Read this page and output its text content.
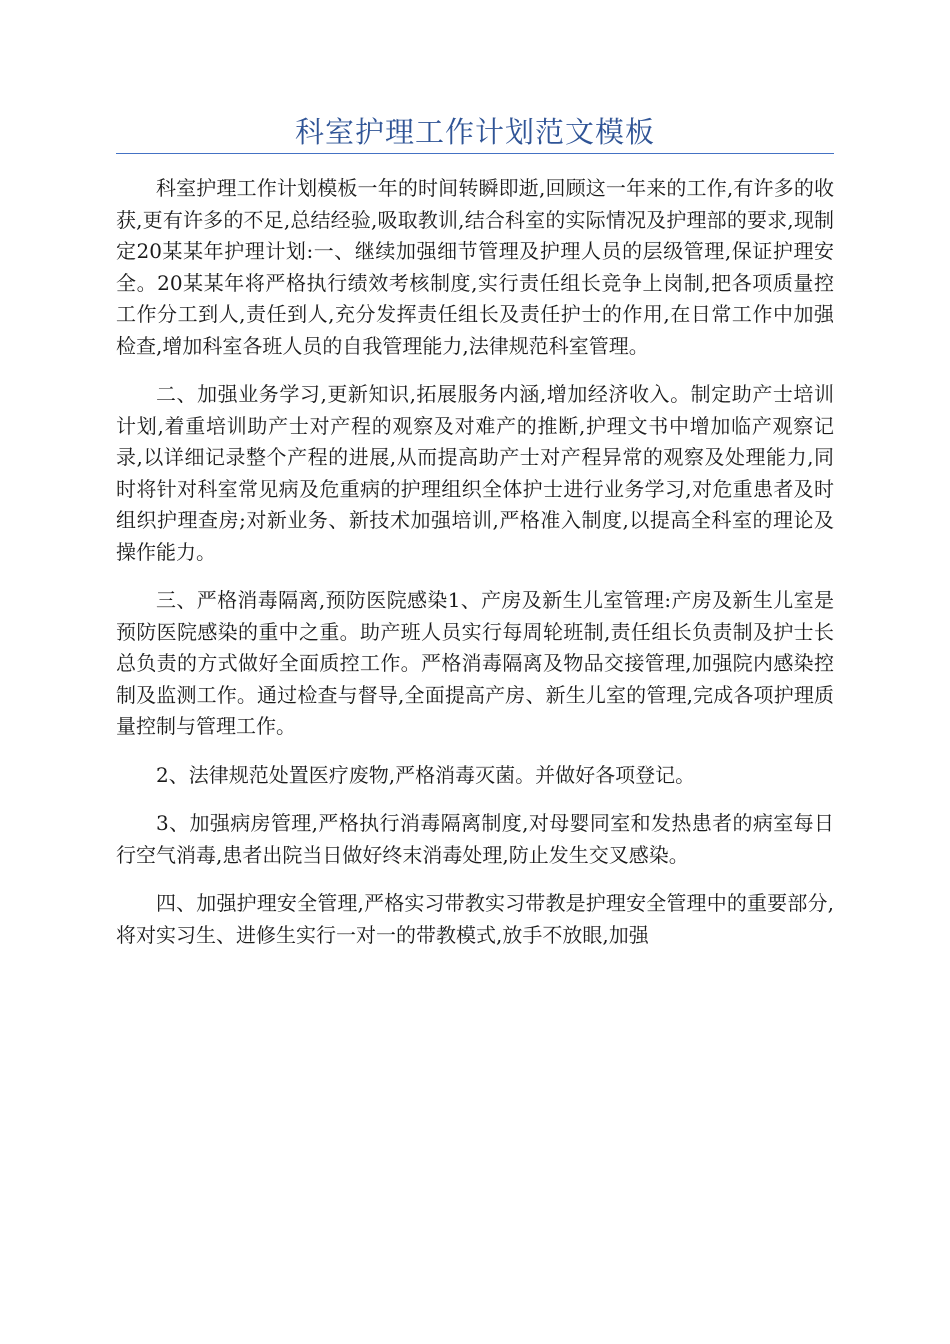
科室护理工作计划范文模板

科室护理工作计划模板一年的时间转瞬即逝,回顾这一年来的工作,有许多的收获,更有许多的不足,总结经验,吸取教训,结合科室的实际情况及护理部的要求,现制定20某某年护理计划:一、继续加强细节管理及护理人员的层级管理,保证护理安全。20某某年将严格执行绩效考核制度,实行责任组长竞争上岗制,把各项质量控工作分工到人,责任到人,充分发挥责任组长及责任护士的作用,在日常工作中加强检查,增加科室各班人员的自我管理能力,法律规范科室管理。

二、加强业务学习,更新知识,拓展服务内涵,增加经济收入。制定助产士培训计划,着重培训助产士对产程的观察及对难产的推断,护理文书中增加临产观察记录,以详细记录整个产程的进展,从而提高助产士对产程异常的观察及处理能力,同时将针对科室常见病及危重病的护理组织全体护士进行业务学习,对危重患者及时组织护理查房;对新业务、新技术加强培训,严格准入制度,以提高全科室的理论及操作能力。

三、严格消毒隔离,预防医院感染1、产房及新生儿室管理:产房及新生儿室是预防医院感染的重中之重。助产班人员实行每周轮班制,责任组长负责制及护士长总负责的方式做好全面质控工作。严格消毒隔离及物品交接管理,加强院内感染控制及监测工作。通过检查与督导,全面提高产房、新生儿室的管理,完成各项护理质量控制与管理工作。

2、法律规范处置医疗废物,严格消毒灭菌。并做好各项登记。

3、加强病房管理,严格执行消毒隔离制度,对母婴同室和发热患者的病室每日行空气消毒,患者出院当日做好终末消毒处理,防止发生交叉感染。

四、加强护理安全管理,严格实习带教实习带教是护理安全管理中的重要部分,将对实习生、进修生实行一对一的带教模式,放手不放眼,加强
